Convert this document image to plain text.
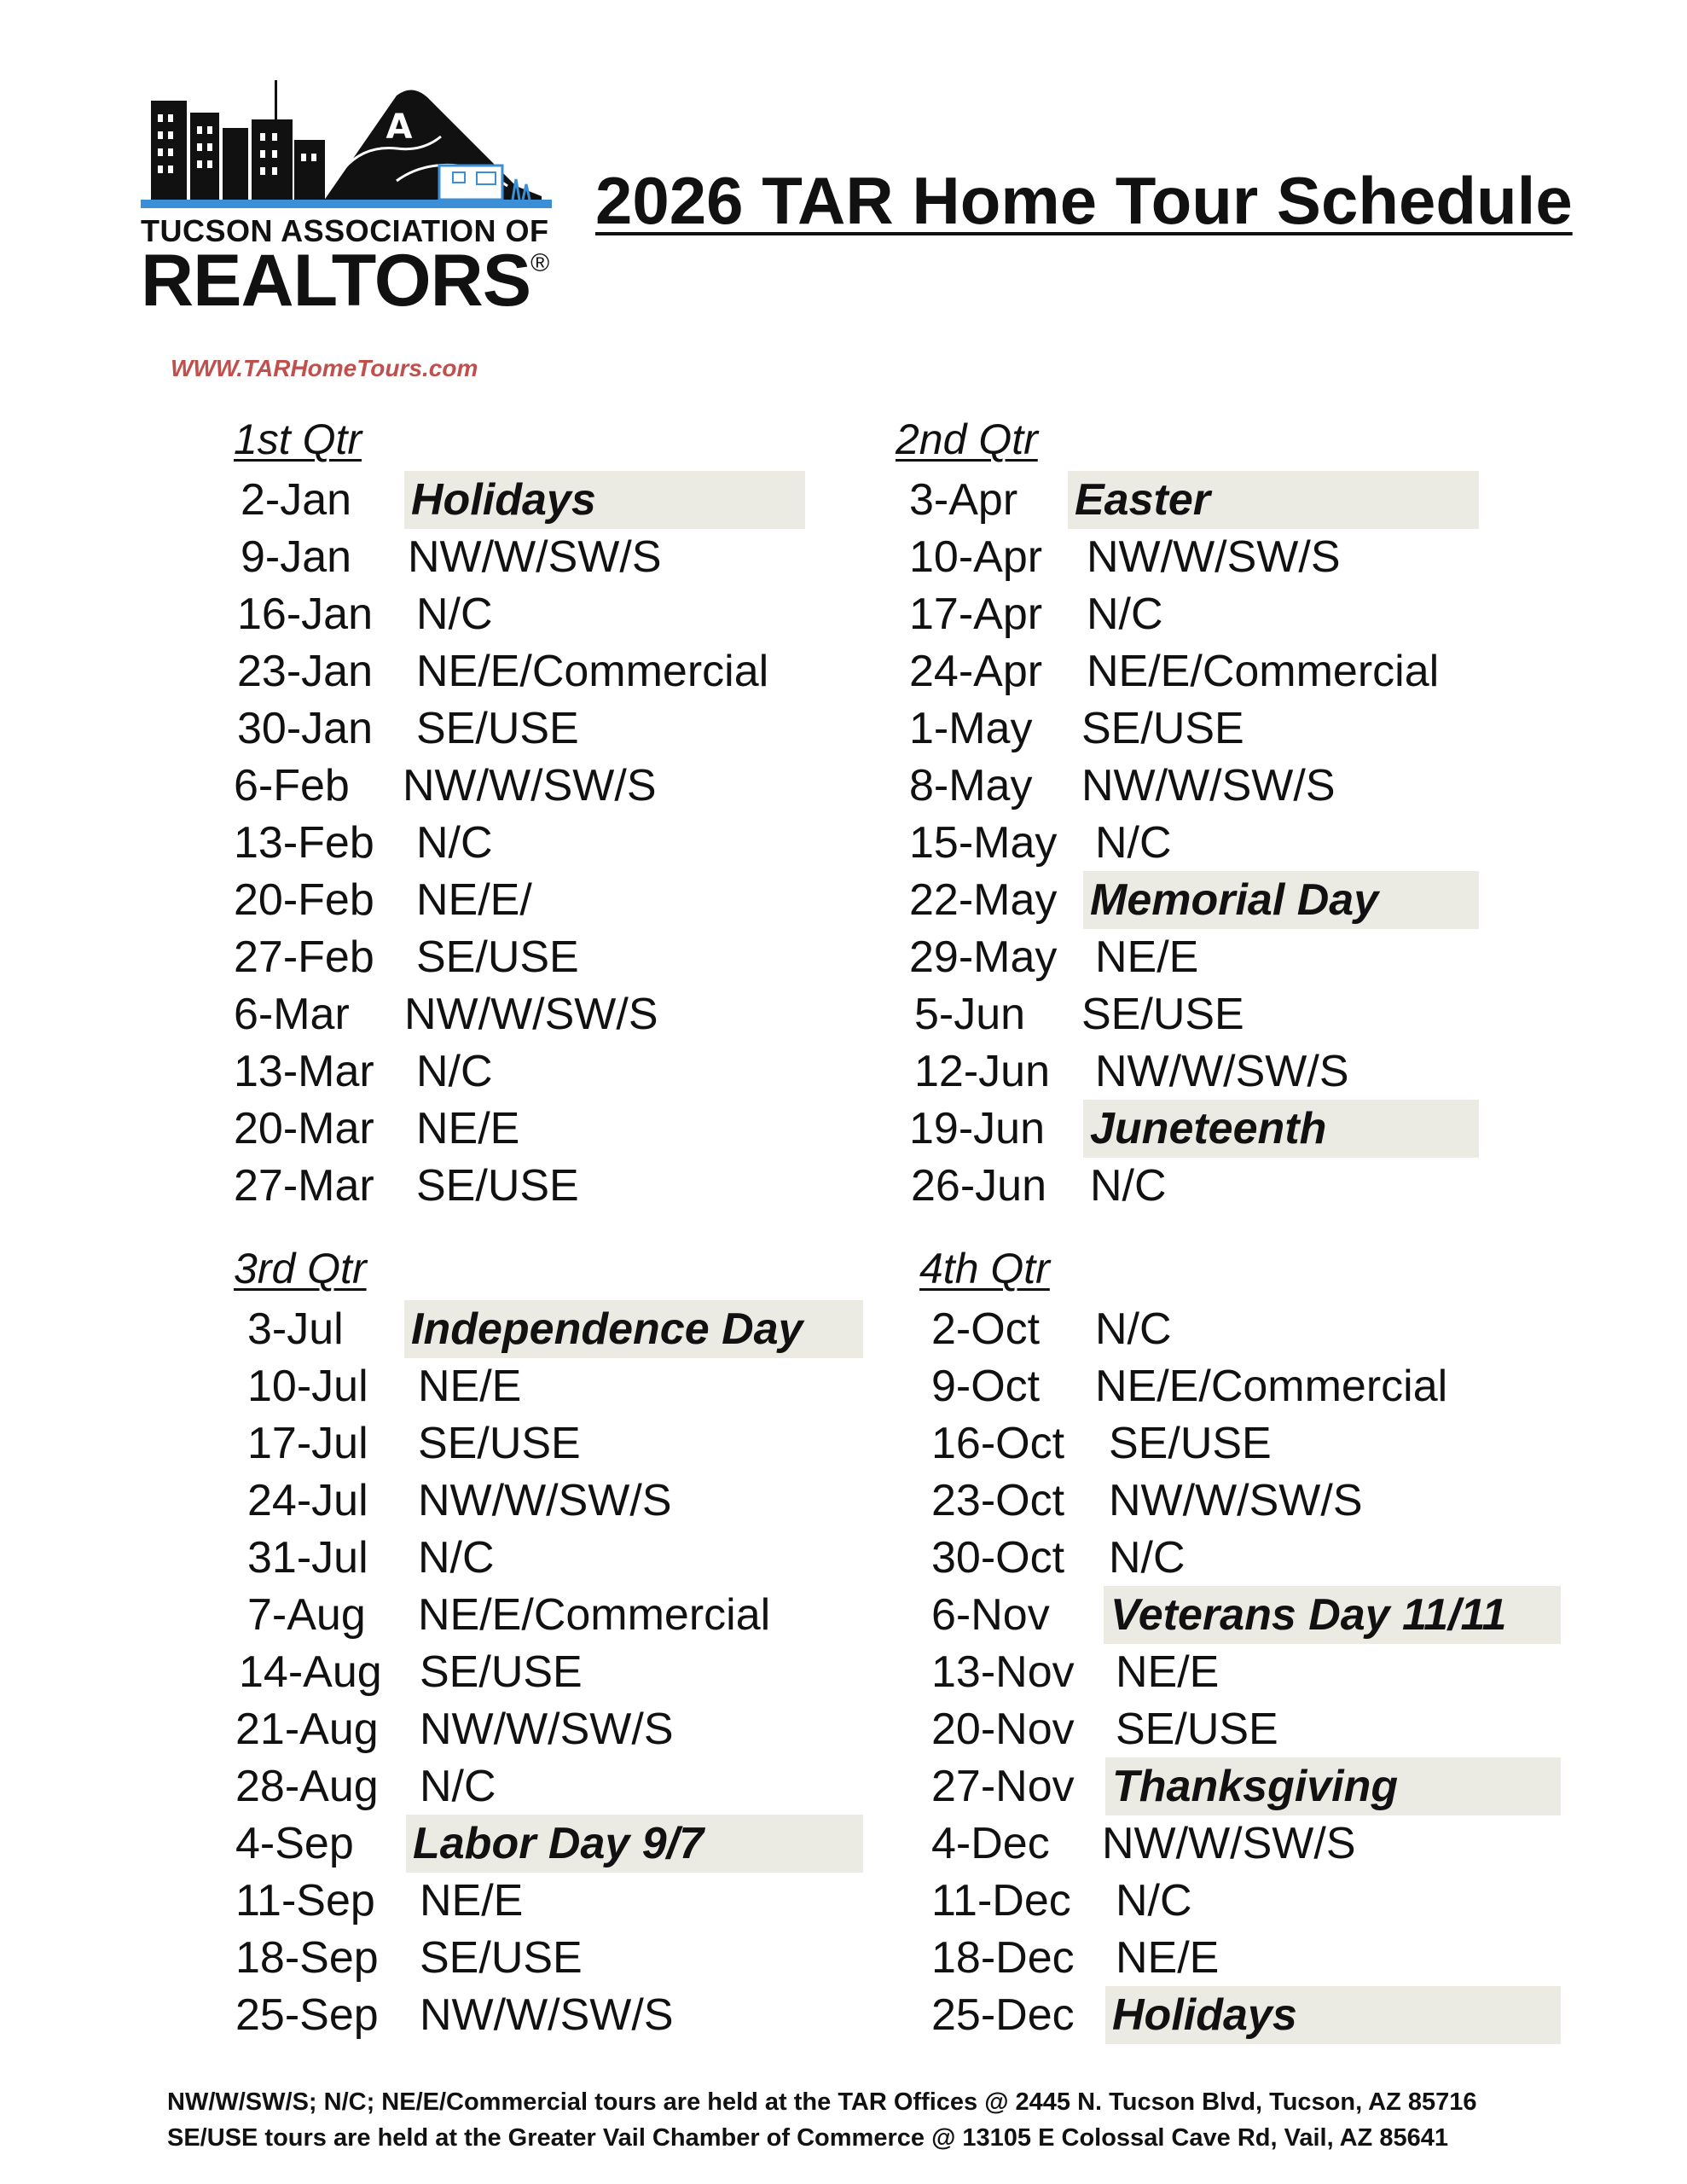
A
TUCSON ASSOCIATION OF
REALTORS®
2026 TAR Home Tour Schedule
WWW.TARHomeTours.com
1st Qtr
2-Jan Holidays
9-Jan NW/W/SW/S
16-Jan N/C
23-Jan NE/E/Commercial
30-Jan SE/USE
6-Feb NW/W/SW/S
13-Feb N/C
20-Feb NE/E/
27-Feb SE/USE
6-Mar NW/W/SW/S
13-Mar N/C
20-Mar NE/E
27-Mar SE/USE
2nd Qtr
3-Apr Easter
10-Apr NW/W/SW/S
17-Apr N/C
24-Apr NE/E/Commercial
1-May SE/USE
8-May NW/W/SW/S
15-May N/C
22-May Memorial Day
29-May NE/E
5-Jun SE/USE
12-Jun NW/W/SW/S
19-Jun Juneteenth
26-Jun N/C
3rd Qtr
3-Jul Independence Day
10-Jul NE/E
17-Jul SE/USE
24-Jul NW/W/SW/S
31-Jul N/C
7-Aug NE/E/Commercial
14-Aug SE/USE
21-Aug NW/W/SW/S
28-Aug N/C
4-Sep Labor Day 9/7
11-Sep NE/E
18-Sep SE/USE
25-Sep NW/W/SW/S
4th Qtr
2-Oct N/C
9-Oct NE/E/Commercial
16-Oct SE/USE
23-Oct NW/W/SW/S
30-Oct N/C
6-Nov Veterans Day 11/11
13-Nov NE/E
20-Nov SE/USE
27-Nov Thanksgiving
4-Dec NW/W/SW/S
11-Dec N/C
18-Dec NE/E
25-Dec Holidays
NW/W/SW/S; N/C; NE/E/Commercial tours are held at the TAR Offices @ 2445 N. Tucson Blvd, Tucson, AZ 85716
SE/USE tours are held at the Greater Vail Chamber of Commerce @ 13105 E Colossal Cave Rd, Vail, AZ 85641
